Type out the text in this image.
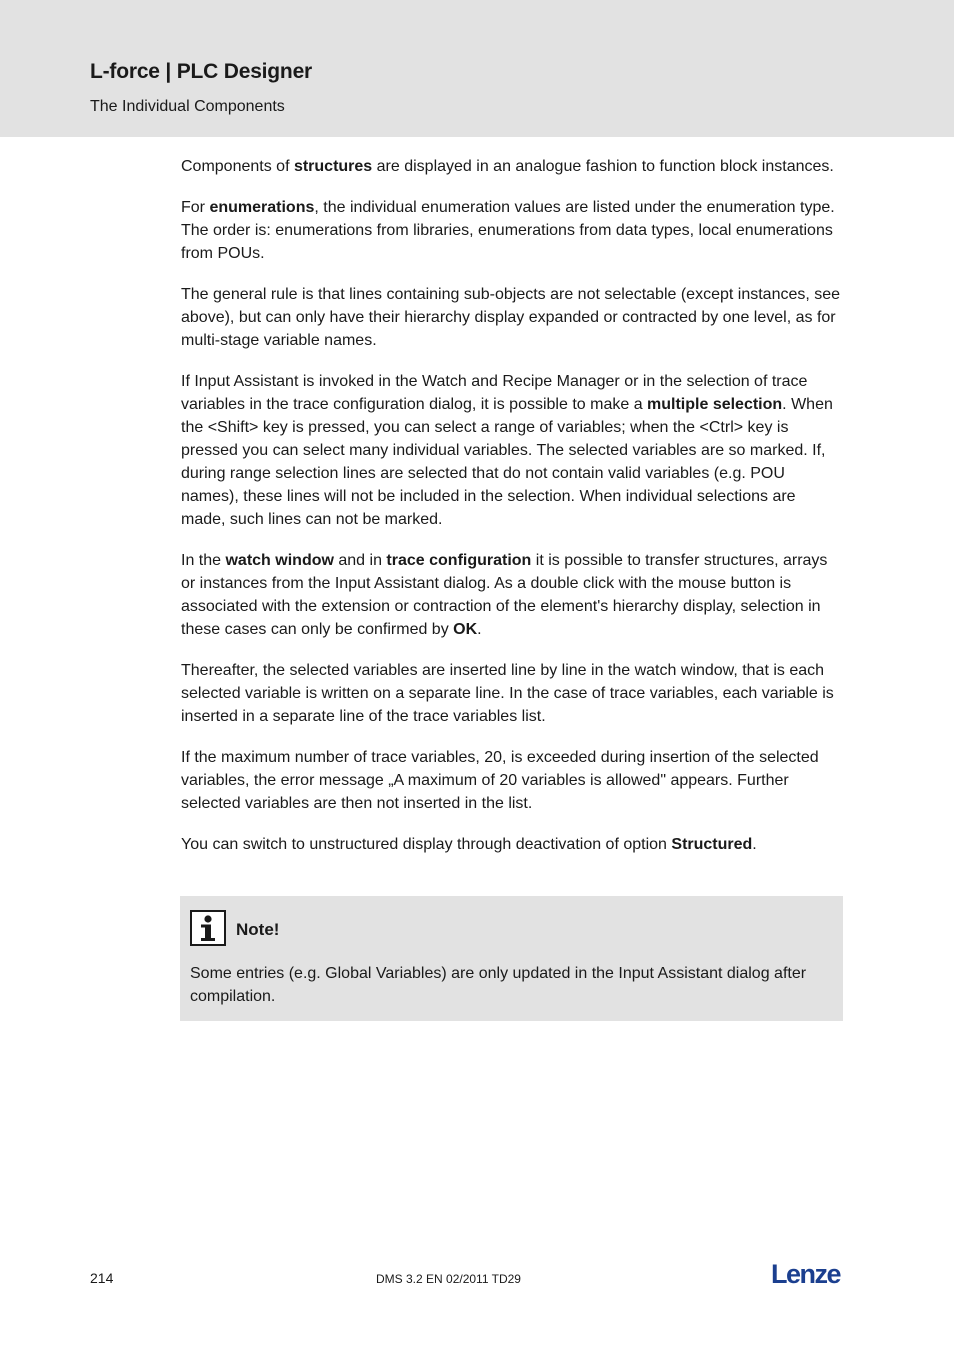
L-force | PLC Designer
The Individual Components

Components of structures are displayed in an analogue fashion to function block instances.

For enumerations, the individual enumeration values are listed under the enumeration type. The order is: enumerations from libraries, enumerations from data types, local enumerations from POUs.

The general rule is that lines containing sub-objects are not selectable (except instances, see above), but can only have their hierarchy display expanded or contracted by one level, as for multi-stage variable names.

If Input Assistant is invoked in the Watch and Recipe Manager or in the selection of trace variables in the trace configuration dialog, it is possible to make a multiple selection. When the <Shift> key is pressed, you can select a range of variables; when the <Ctrl> key is pressed you can select many individual variables. The selected variables are so marked. If, during range selection lines are selected that do not contain valid variables (e.g. POU names), these lines will not be included in the selection. When individual selections are made, such lines can not be marked.

In the watch window and in trace configuration it is possible to transfer structures, arrays or instances from the Input Assistant dialog. As a double click with the mouse button is associated with the extension or contraction of the element's hierarchy display, selection in these cases can only be confirmed by OK.

Thereafter, the selected variables are inserted line by line in the watch window, that is each selected variable is written on a separate line. In the case of trace variables, each variable is inserted in a separate line of the trace variables list.

If the maximum number of trace variables, 20, is exceeded during insertion of the selected variables, the error message „A maximum of 20 variables is allowed" appears. Further selected variables are then not inserted in the list.

You can switch to unstructured display through deactivation of option Structured.

Note!
Some entries (e.g. Global Variables) are only updated in the Input Assistant dialog after compilation.
214	DMS 3.2 EN 02/2011 TD29	Lenze
